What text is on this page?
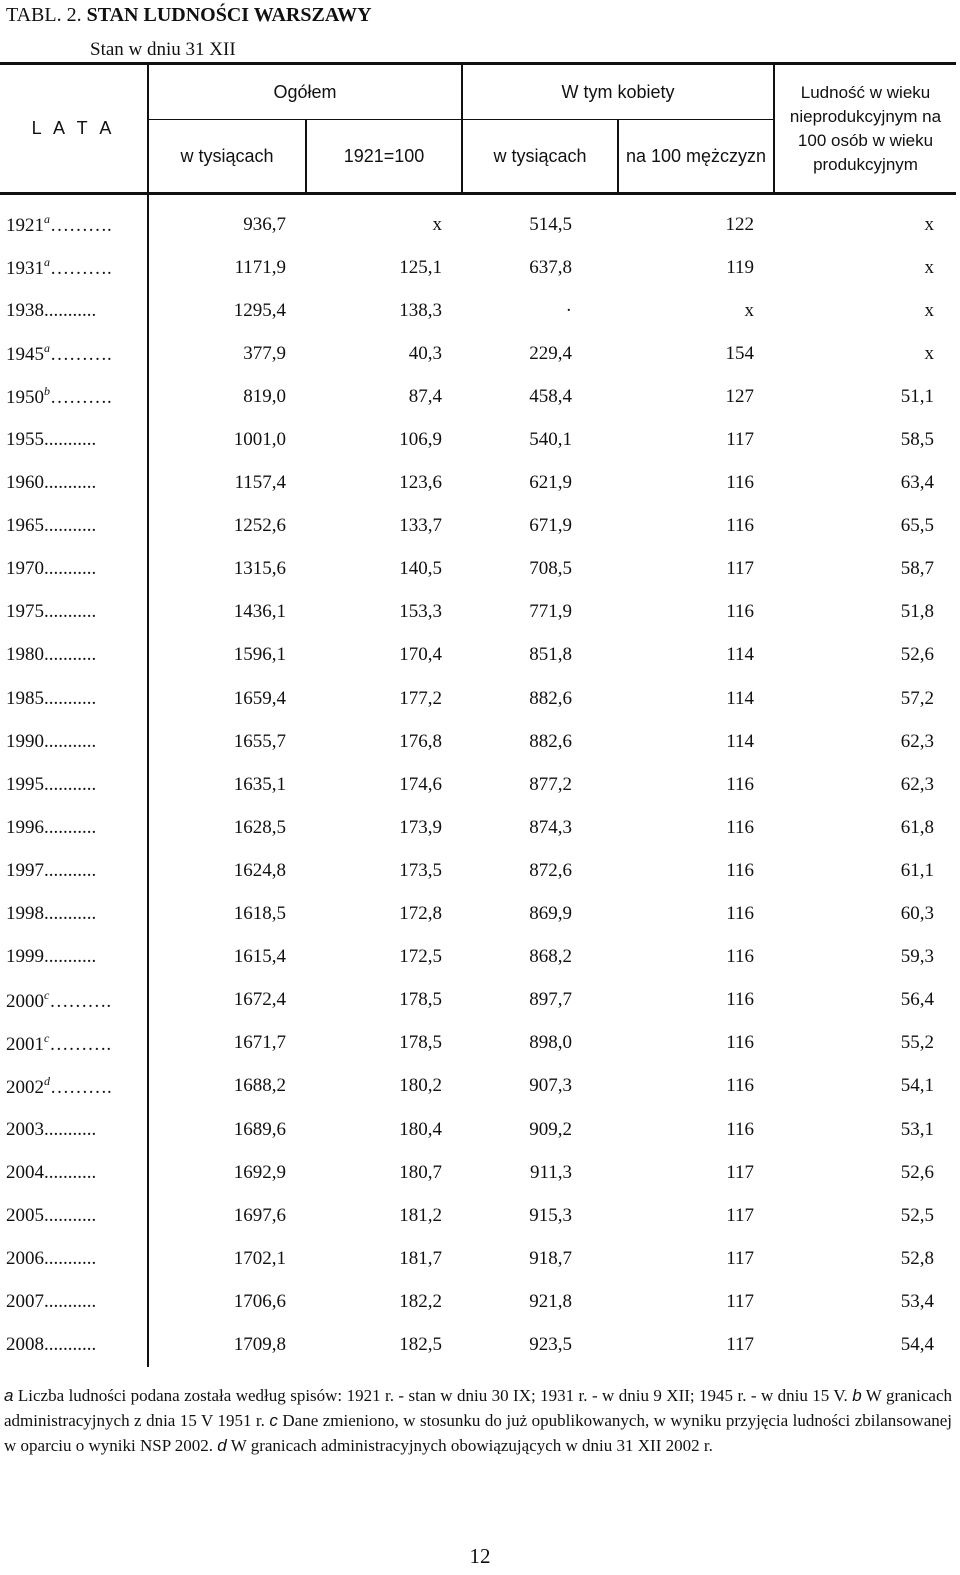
TABL. 2. STAN LUDNOŚCI WARSZAWY
Stan w dniu 31 XII
L A T A	Ogółem		W tym kobiety		Ludność w wieku
nieprodukcyjnym na
100 osób w wieku
produkcyjnym

	w tysiącach	1921=100	w tysiącach	na 100 mężczyzn	
1921$^a$……….	936,7	x	514,5	122	x
1931$^a$……….	1171,9	125,1	637,8	119	x
1938...........	1295,4	138,3	·	x	x
1945$^a$……….	377,9	40,3	229,4	154	x
1950$^b$……….	819,0	87,4	458,4	127	51,1
1955...........	1001,0	106,9	540,1	117	58,5
1960...........	1157,4	123,6	621,9	116	63,4
1965...........	1252,6	133,7	671,9	116	65,5
1970...........	1315,6	140,5	708,5	117	58,7
1975...........	1436,1	153,3	771,9	116	51,8
1980...........	1596,1	170,4	851,8	114	52,6
1985...........	1659,4	177,2	882,6	114	57,2
1990...........	1655,7	176,8	882,6	114	62,3
1995...........	1635,1	174,6	877,2	116	62,3
1996...........	1628,5	173,9	874,3	116	61,8
1997...........	1624,8	173,5	872,6	116	61,1
1998...........	1618,5	172,8	869,9	116	60,3
1999...........	1615,4	172,5	868,2	116	59,3
2000$^c$……….	1672,4	178,5	897,7	116	56,4
2001$^c$……….	1671,7	178,5	898,0	116	55,2
2002$^d$……….	1688,2	180,2	907,3	116	54,1
2003...........	1689,6	180,4	909,2	116	53,1
2004...........	1692,9	180,7	911,3	117	52,6
2005...........	1697,6	181,2	915,3	117	52,5
2006...........	1702,1	181,7	918,7	117	52,8
2007...........	1706,6	182,2	921,8	117	53,4
2008...........	1709,8	182,5	923,5	117	54,4
a Liczba ludności podana została według spisów: 1921 r. - stan w dniu 30 IX; 1931 r. - w dniu 9 XII; 1945 r. - w dniu 15 V. b W granicach administracyjnych z dnia 15 V 1951 r. c Dane zmieniono, w stosunku do już opublikowanych, w wyniku przyjęcia ludności zbilansowanej w oparciu o wyniki NSP 2002. d W granicach administracyjnych obowiązujących w dniu 31 XII 2002 r.
12
